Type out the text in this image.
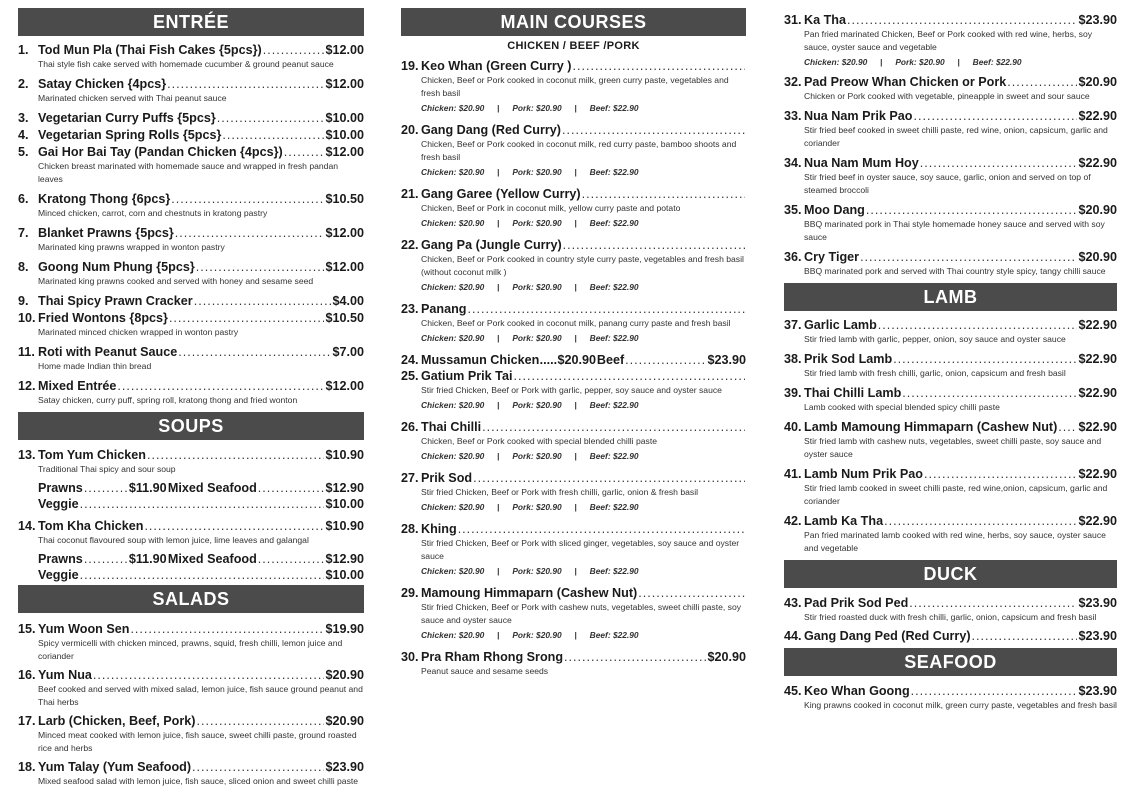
ENTRÉE
1. Tod Mun Pla (Thai Fish Cakes {5pcs}) .....	$12.00
Thai style fish cake served with homemade cucumber & ground peanut sauce
2. Satay Chicken {4pcs} .....	$12.00
Marinated chicken served with Thai peanut sauce
3. Vegetarian Curry Puffs {5pcs} .....	$10.00
4. Vegetarian Spring Rolls {5pcs} .....	$10.00
5. Gai Hor Bai Tay (Pandan Chicken {4pcs}) .....	$12.00
Chicken breast marinated with homemade sauce and wrapped in fresh pandan leaves
6. Kratong Thong {6pcs} .....	$10.50
Minced chicken, carrot, corn and chestnuts in kratong pastry
7. Blanket Prawns {5pcs} .....	$12.00
Marinated king prawns wrapped in wonton pastry
8. Goong Num Phung {5pcs} .....	$12.00
Marinated king prawns cooked and served with honey and sesame seed
9. Thai Spicy Prawn Cracker .....	$4.00
10. Fried Wontons {8pcs} .....	$10.50
Marinated minced chicken wrapped in wonton pastry
11. Roti with Peanut Sauce .....	$7.00
Home made Indian thin bread
12. Mixed Entrée .....	$12.00
Satay chicken, curry puff, spring roll, kratong thong and fried wonton
SOUPS
13. Tom Yum Chicken .....	$10.90
Traditional Thai spicy and sour soup
Prawns .....	$11.90 Mixed Seafood .....	$12.90
Veggie .....	$10.00
14. Tom Kha Chicken .....	$10.90
Thai coconut flavoured soup with lemon juice, lime leaves and galangal
Prawns .....	$11.90 Mixed Seafood .....	$12.90
Veggie .....	$10.00
SALADS
15. Yum Woon Sen .....	$19.90
Spicy vermicelli with chicken minced, prawns, squid, fresh chilli, lemon juice and coriander
16. Yum Nua .....	$20.90
Beef cooked and served with mixed salad, lemon juice, fish sauce ground peanut and Thai herbs
17. Larb (Chicken, Beef, Pork) .....	$20.90
Minced meat cooked with lemon juice, fish sauce, sweet chilli paste, ground roasted rice and herbs
18. Yum Talay (Yum Seafood) .....	$23.90
Mixed seafood salad with lemon juice, fish sauce, sliced onion and sweet chilli paste
MAIN COURSES
CHICKEN / BEEF /PORK
19. Keo Whan (Green Curry )
.....
Chicken, Beef or Pork cooked in coconut milk, green curry paste, vegetables and fresh basil
Chicken: $20.90 | Pork: $20.90 | Beef: $22.90
20. Gang Dang (Red Curry)
.....
Chicken, Beef or Pork cooked in coconut milk, red curry paste, bamboo shoots and fresh basil
Chicken: $20.90 | Pork: $20.90 | Beef: $22.90
21. Gang Garee (Yellow Curry)
.....
Chicken, Beef or Pork in coconut milk, yellow curry paste and potato
Chicken: $20.90 | Pork: $20.90 | Beef: $22.90
22. Gang Pa (Jungle Curry)
.....
Chicken, Beef or Pork cooked in country style curry paste, vegetables and fresh basil (without coconut milk )
Chicken: $20.90 | Pork: $20.90 | Beef: $22.90
23. Panang
.....
Chicken, Beef or Pork cooked in coconut milk, panang curry paste and fresh basil
Chicken: $20.90 | Pork: $20.90 | Beef: $22.90
24. Mussamun Chicken ..... $20.90 Beef .....	$23.90
25. Gatium Prik Tai
.....
Stir fried Chicken, Beef or Pork with garlic, pepper, soy sauce and oyster sauce
Chicken: $20.90 | Pork: $20.90 | Beef: $22.90
26. Thai Chilli
.....
Chicken, Beef or Pork cooked with special blended chilli paste
Chicken: $20.90 | Pork: $20.90 | Beef: $22.90
27. Prik Sod
.....
Stir fried Chicken, Beef or Pork with fresh chilli, garlic, onion & fresh basil
Chicken: $20.90 | Pork: $20.90 | Beef: $22.90
28. Khing
.....
Stir fried Chicken, Beef or Pork with sliced ginger, vegetables, soy sauce and oyster sauce
Chicken: $20.90 | Pork: $20.90 | Beef: $22.90
29. Mamoung Himmaparn (Cashew Nut)
.....
Stir fried Chicken, Beef or Pork with cashew nuts, vegetables, sweet chilli paste, soy sauce and oyster sauce
Chicken: $20.90 | Pork: $20.90 | Beef: $22.90
30. Pra Rham Rhong Srong .....	$20.90
Peanut sauce and sesame seeds
31. Ka Tha .....	$23.90
Pan fried marinated Chicken, Beef or Pork cooked with red wine, herbs, soy sauce, oyster sauce and vegetable
Chicken: $20.90 | Pork: $20.90 | Beef: $22.90
32. Pad Preow Whan Chicken or Pork .....	$20.90
Chicken or Pork cooked with vegetable, pineapple in sweet and sour sauce
33. Nua Nam Prik Pao .....	$22.90
Stir fried beef cooked in sweet chilli paste, red wine, onion, capsicum, garlic and coriander
34. Nua Nam Mum Hoy .....	$22.90
Stir fried beef in oyster sauce, soy sauce, garlic, onion and served on top of steamed broccoli
35. Moo Dang .....	$20.90
BBQ marinated pork in Thai style homemade honey sauce and served with soy sauce
36. Cry Tiger .....	$20.90
BBQ marinated pork and served with Thai country style spicy, tangy chilli sauce
LAMB
37. Garlic Lamb .....	$22.90
Stir fried lamb with garlic, pepper, onion, soy sauce and oyster sauce
38. Prik Sod Lamb .....	$22.90
Stir fried lamb with fresh chilli, garlic, onion, capsicum and fresh basil
39. Thai Chilli Lamb .....	$22.90
Lamb cooked with special blended spicy chilli paste
40. Lamb Mamoung Himmaparn (Cashew Nut) ..... $22.90
Stir fried lamb with cashew nuts, vegetables, sweet chilli paste, soy sauce and oyster sauce
41. Lamb Num Prik Pao .....	$22.90
Stir fried lamb cooked in sweet chilli paste, red wine,onion, capsicum, garlic and coriander
42. Lamb Ka Tha .....	$22.90
Pan fried marinated lamb cooked with red wine, herbs, soy sauce, oyster sauce and vegetable
DUCK
43. Pad Prik Sod Ped .....	$23.90
Stir fried roasted duck with fresh chilli, garlic, onion, capsicum and fresh basil
44. Gang Dang Ped (Red Curry) .....	$23.90
SEAFOOD
45. Keo Whan Goong .....	$23.90
King prawns cooked in coconut milk, green curry paste, vegetables and fresh basil
